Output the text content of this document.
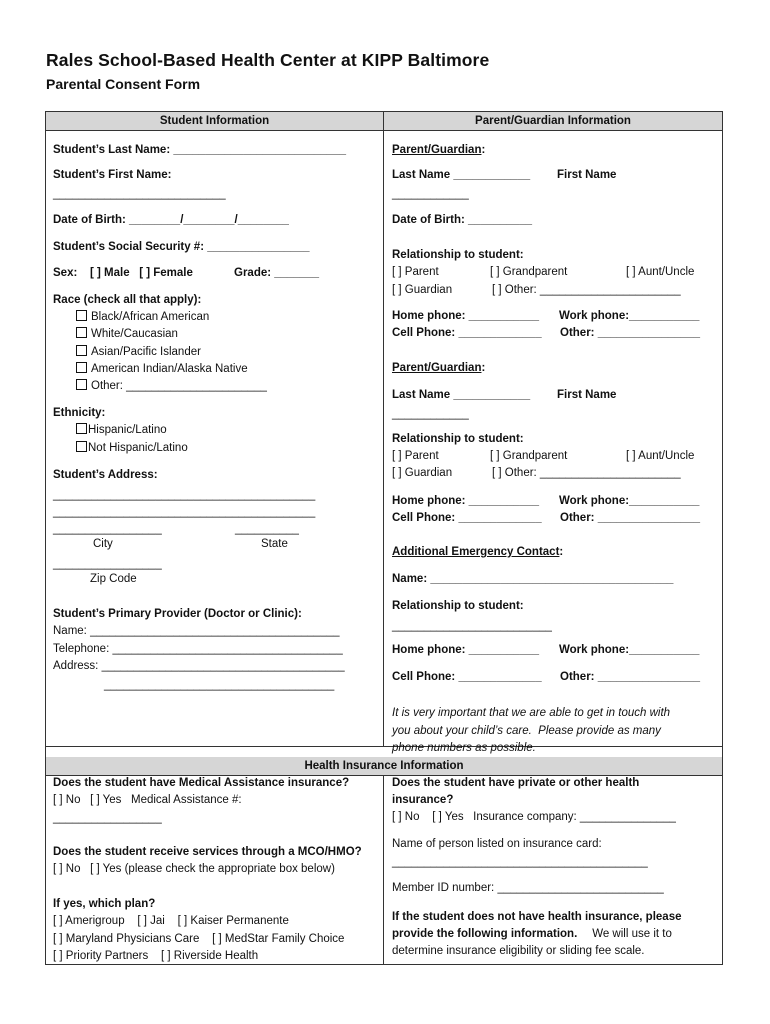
Rales School-Based Health Center at KIPP Baltimore
Parental Consent Form
Student Information	Parent/Guardian Information
Health Insurance Information
Student’s Last Name: ___________________________
Student’s First Name:
___________________________
Date of Birth: ________/________/________
Student’s Social Security #: ________________
Sex: [ ] Male   [ ] Female	Grade: _______
Race (check all that apply):
Black/African American
White/Caucasian
Asian/Pacific Islander
American Indian/Alaska Native
Other: ______________________
Ethnicity:
Hispanic/Latino
Not Hispanic/Latino
Student’s Address:
_________________________________________
_________________________________________
_________________	__________
City	State
_________________
Zip Code
Student’s Primary Provider (Doctor or Clinic):
Name: _______________________________________
Telephone: ____________________________________
Address: ______________________________________
____________________________________
Parent/Guardian:
Last Name ____________ First Name
____________
Date of Birth: __________
Relationship to student:
[ ] Parent	[ ] Grandparent	[ ] Aunt/Uncle
[ ] Guardian	[ ] Other: ______________________
Home phone: ___________ Work phone:___________
Cell Phone: _____________ Other: ________________
Parent/Guardian:
Last Name ____________ First Name
____________
Relationship to student:
[ ] Parent	[ ] Grandparent	[ ] Aunt/Uncle
[ ] Guardian	[ ] Other: ______________________
Home phone: ___________ Work phone:___________
Cell Phone: _____________ Other: ________________
Additional Emergency Contact:
Name: ______________________________________
Relationship to student:
_________________________
Home phone: ___________ Work phone:___________
Cell Phone: _____________ Other: ________________
It is very important that we are able to get in touch with
you about your child’s care.  Please provide as many
phone numbers as possible.
Does the student have Medical Assistance insurance?
[ ] No   [ ] Yes   Medical Assistance #:
_________________
Does the student receive services through a MCO/HMO?
[ ] No   [ ] Yes (please check the appropriate box below)
If yes, which plan?
[ ] Amerigroup    [ ] Jai    [ ] Kaiser Permanente
[ ] Maryland Physicians Care    [ ] MedStar Family Choice
[ ] Priority Partners    [ ] Riverside Health
Does the student have private or other health
insurance?
[ ] No    [ ] Yes   Insurance company: _______________
Name of person listed on insurance card:
________________________________________
Member ID number: __________________________
If the student does not have health insurance, please
provide the following information.	We will use it to
determine insurance eligibility or sliding fee scale.
